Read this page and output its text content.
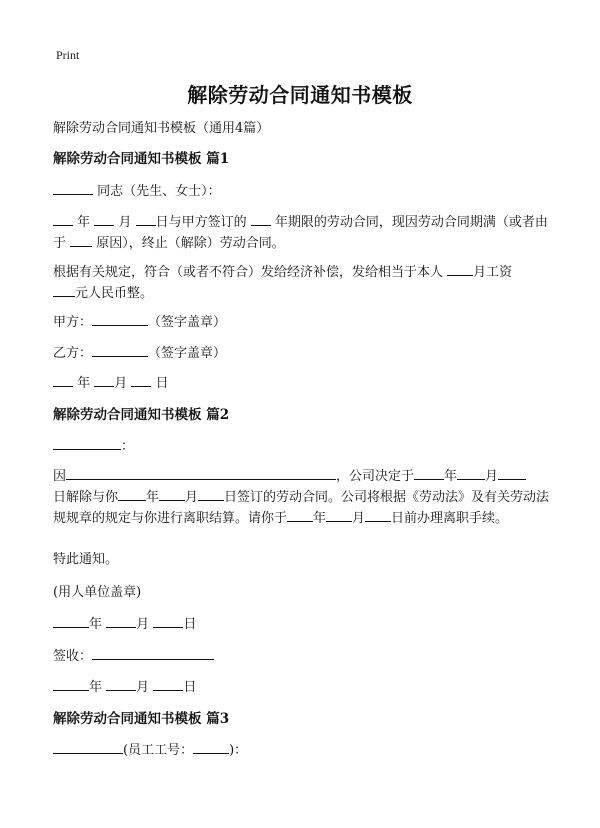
Print
解除劳动合同通知书模板
解除劳动合同通知书模板（通用4篇）
解除劳动合同通知书模板 篇1
同志（先生、女士）：
年 月 日与甲方签订的 年期限的劳动合同，现因劳动合同期满（或者由于 原因），终止（解除）劳动合同。
根据有关规定，符合（或者不符合）发给经济补偿，发给相当于本人 月工资
元人民币整。
甲方：	（签字盖章）
乙方：	（签字盖章）
年 月 日
解除劳动合同通知书模板 篇2
：
因	，公司决定于 年 月
日解除与你 年 月 日签订的劳动合同。公司将根据《劳动法》及有关劳动法规规章的规定与你进行离职结算。请你于 年 月 日前办理离职手续。
特此通知。
(用人单位盖章)
年	月	日
签收：
年	月	日
解除劳动合同通知书模板 篇3
(员工工号：	)：
